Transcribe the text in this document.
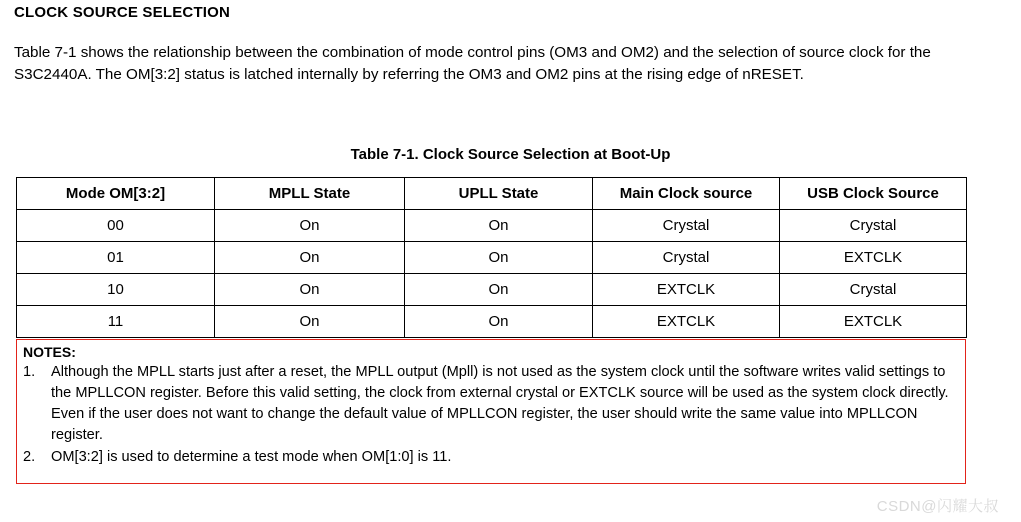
CLOCK SOURCE SELECTION
Table 7-1 shows the relationship between the combination of mode control pins (OM3 and OM2) and the selection of source clock for the S3C2440A. The OM[3:2] status is latched internally by referring the OM3 and OM2 pins at the rising edge of nRESET.
Table 7-1. Clock Source Selection at Boot-Up
Mode OM[3:2]	MPLL State	UPLL State	Main Clock source	USB Clock Source
00	On	On	Crystal	Crystal
01	On	On	Crystal	EXTCLK
10	On	On	EXTCLK	Crystal
11	On	On	EXTCLK	EXTCLK
NOTES:
1.	Although the MPLL starts just after a reset, the MPLL output (Mpll) is not used as the system clock until the software writes valid settings to the MPLLCON register. Before this valid setting, the clock from external crystal or EXTCLK source will be used as the system clock directly. Even if the user does not want to change the default value of MPLLCON register, the user should write the same value into MPLLCON register.
2.	OM[3:2] is used to determine a test mode when OM[1:0] is 11.
CSDN@闪耀大叔
